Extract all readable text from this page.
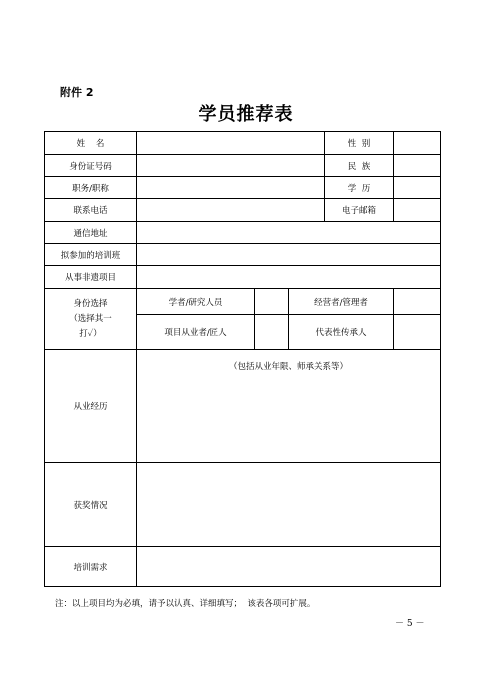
附件 2
学员推荐表
姓    名				性  别	
身份证号码				民  族	
职务/职称				学  历	
联系电话				电子邮箱	
通信地址					
拟参加的培训班					
从事非遗项目					

身份选择
（选择其一
打✓）	学者/研究人员		经营者/管理者		
	项目从业者/匠人		代表性传承人		
从业经历	（包括从业年限、师承关系等）				

获奖情况					
培训需求					
注：以上项目均为必填，请予以认真、详细填写；  该表各项可扩展。
－ 5 －
